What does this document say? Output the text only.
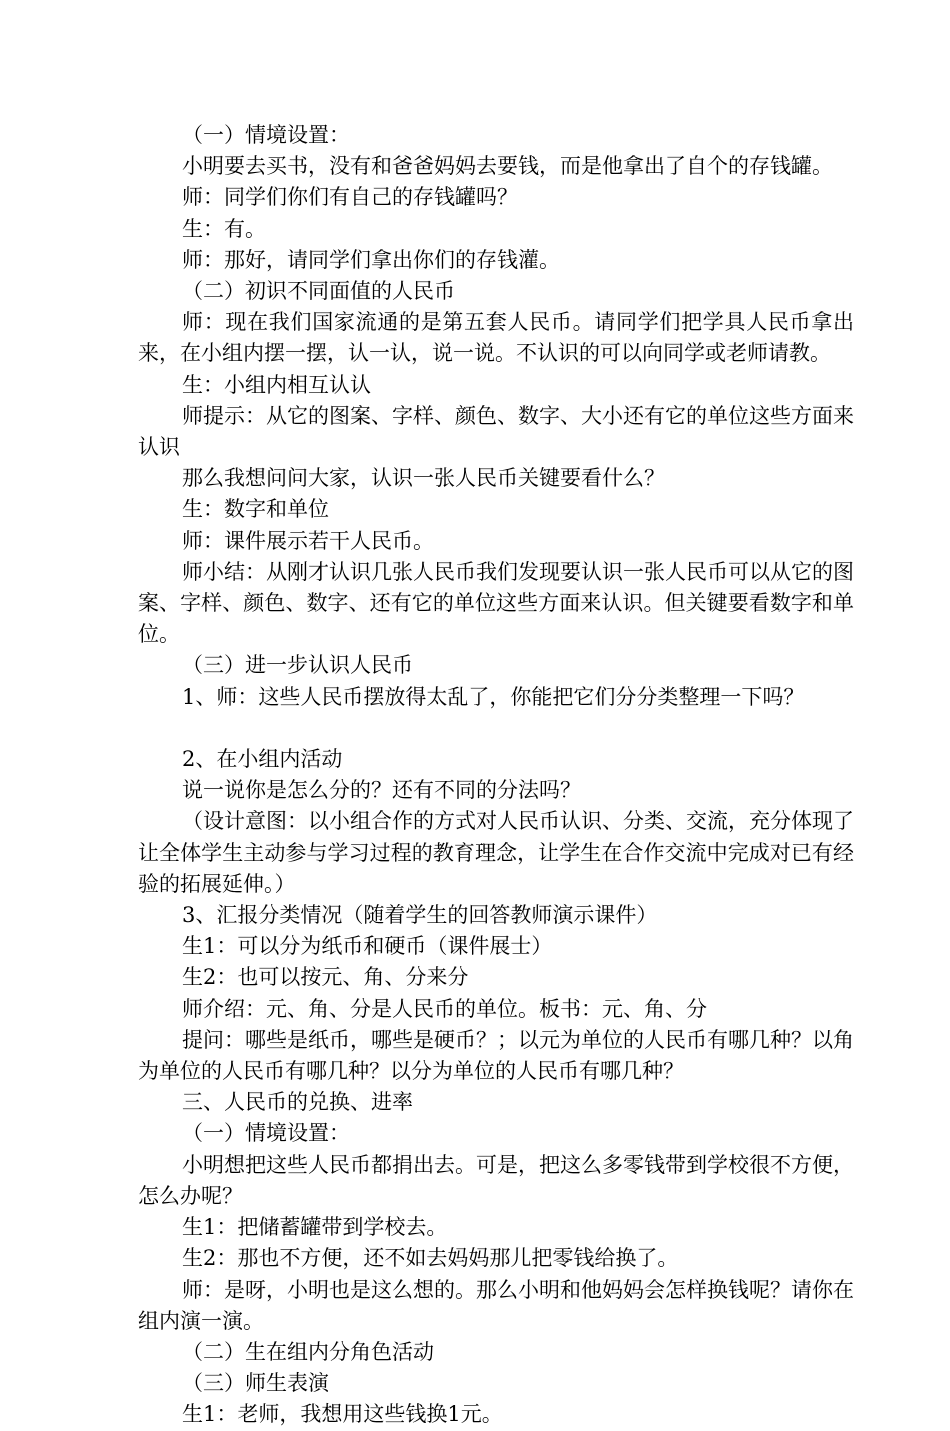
（一）情境设置：

小明要去买书，没有和爸爸妈妈去要钱，而是他拿出了自个的存钱罐。

师：同学们你们有自己的存钱罐吗？

生：有。

师：那好，请同学们拿出你们的存钱灌。

（二）初识不同面值的人民币

师：现在我们国家流通的是第五套人民币。请同学们把学具人民币拿出来，在小组内摆一摆，认一认，说一说。不认识的可以向同学或老师请教。

生：小组内相互认认

师提示：从它的图案、字样、颜色、数字、大小还有它的单位这些方面来认识

那么我想问问大家，认识一张人民币关键要看什么？

生：数字和单位

师：课件展示若干人民币。

师小结：从刚才认识几张人民币我们发现要认识一张人民币可以从它的图案、字样、颜色、数字、还有它的单位这些方面来认识。但关键要看数字和单位。

（三）进一步认识人民币

1、师：这些人民币摆放得太乱了，你能把它们分分类整理一下吗？

2、在小组内活动

说一说你是怎么分的？还有不同的分法吗？

（设计意图：以小组合作的方式对人民币认识、分类、交流，充分体现了让全体学生主动参与学习过程的教育理念，让学生在合作交流中完成对已有经验的拓展延伸。）

3、汇报分类情况（随着学生的回答教师演示课件）

生1：可以分为纸币和硬币（课件展士）

生2：也可以按元、角、分来分

师介绍：元、角、分是人民币的单位。板书：元、角、分

提问：哪些是纸币，哪些是硬币？；以元为单位的人民币有哪几种？以角为单位的人民币有哪几种？以分为单位的人民币有哪几种？

三、人民币的兑换、进率

（一）情境设置：

小明想把这些人民币都捐出去。可是，把这么多零钱带到学校很不方便，怎么办呢？

生1：把储蓄罐带到学校去。

生2：那也不方便，还不如去妈妈那儿把零钱给换了。

师：是呀，小明也是这么想的。那么小明和他妈妈会怎样换钱呢？请你在组内演一演。

（二）生在组内分角色活动

（三）师生表演

生1：老师，我想用这些钱换1元。
